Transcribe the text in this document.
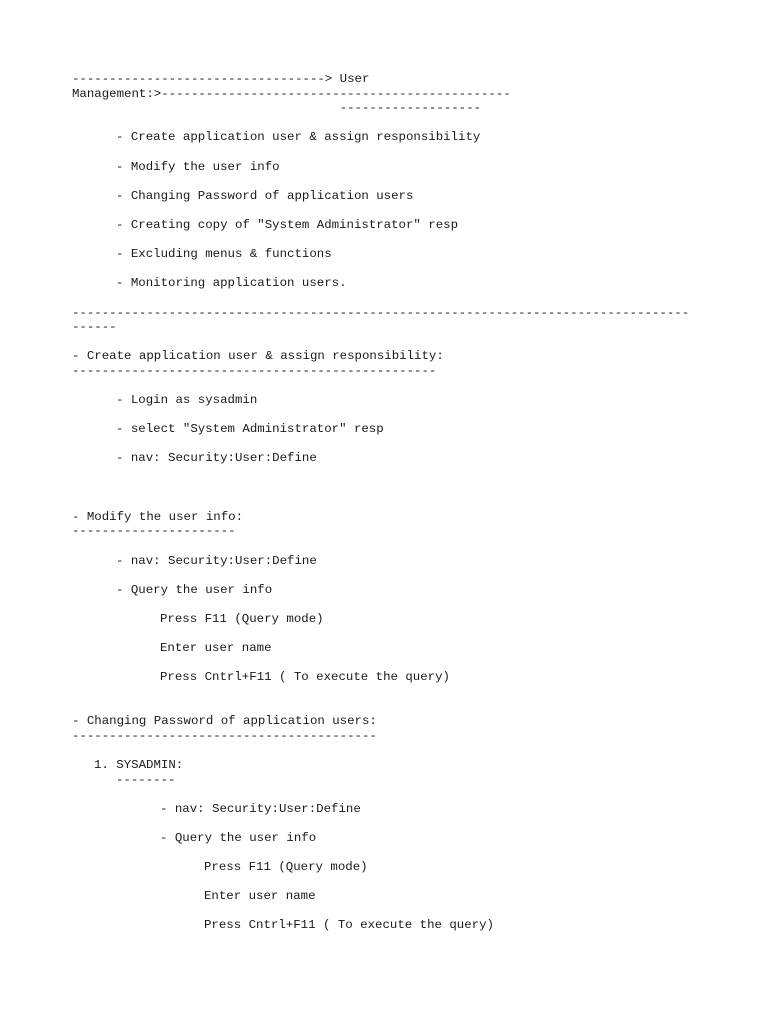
----------------------------------> User
Management:>-----------------------------------------------
-------------------
- Create application user & assign responsibility
- Modify the user info
- Changing Password of application users
- Creating copy of "System Administrator" resp
- Excluding menus & functions
- Monitoring application users.
-----------------------------------------------------------------------------------
------
- Create application user & assign responsibility:
-------------------------------------------------
- Login as sysadmin
- select "System Administrator" resp
- nav: Security:User:Define
- Modify the user info:
----------------------
- nav: Security:User:Define
- Query the user info
Press F11 (Query mode)
Enter user name
Press Cntrl+F11 ( To execute the query)
- Changing Password of application users:
-----------------------------------------
1. SYSADMIN:
--------
- nav: Security:User:Define
- Query the user info
Press F11 (Query mode)
Enter user name
Press Cntrl+F11 ( To execute the query)
